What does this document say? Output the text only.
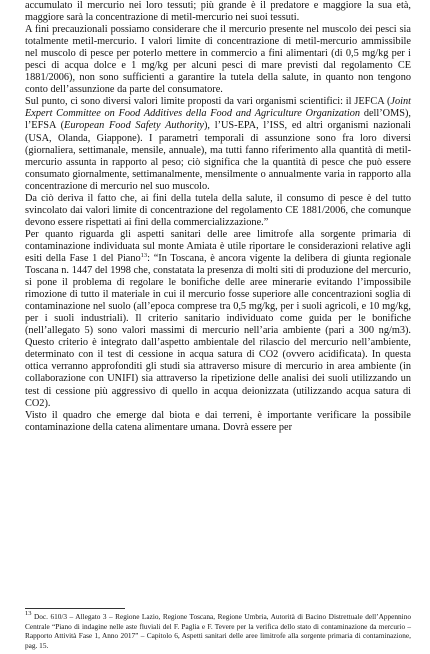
accumulato il mercurio nei loro tessuti; più grande è il predatore e maggiore la sua età, maggiore sarà la concentrazione di metil-mercurio nei suoi tessuti.

A fini precauzionali possiamo considerare che il mercurio presente nel muscolo dei pesci sia totalmente metil-mercurio. I valori limite di concentrazione di metil-mercurio ammissibile nel muscolo di pesce per poterlo mettere in commercio a fini alimentari (di 0,5 mg/kg per i pesci di acqua dolce e 1 mg/kg per alcuni pesci di mare previsti dal regolamento CE 1881/2006), non sono sufficienti a garantire la tutela della salute, in quanto non tengono conto dell’assunzione da parte del consumatore.

Sul punto, ci sono diversi valori limite proposti da vari organismi scientifici: il JEFCA (Joint Expert Committee on Food Additives della Food and Agriculture Organization dell’OMS), l’EFSA (European Food Safety Authority), l’US-EPA, l’ISS, ed altri organismi nazionali (USA, Olanda, Giappone). I parametri temporali di assunzione sono fra loro diversi (giornaliera, settimanale, mensile, annuale), ma tutti fanno riferimento alla quantità di metil-mercurio assunta in rapporto al peso; ciò significa che la quantità di pesce che può essere consumato giornalmente, settimanalmente, mensilmente o annualmente varia in rapporto alla concentrazione di mercurio nel suo muscolo.

Da ciò deriva il fatto che, ai fini della tutela della salute, il consumo di pesce è del tutto svincolato dai valori limite di concentrazione del regolamento CE 1881/2006, che comunque devono essere rispettati ai fini della commercializzazione.”

Per quanto riguarda gli aspetti sanitari delle aree limitrofe alla sorgente primaria di contaminazione individuata sul monte Amiata è utile riportare le considerazioni relative agli esiti della Fase 1 del Piano$^{13}$: “In Toscana, è ancora vigente la delibera di giunta regionale Toscana n. 1447 del 1998 che, constatata la presenza di molti siti di produzione del mercurio, si pone il problema di regolare le bonifiche delle aree minerarie evitando l’impossibile rimozione di tutto il materiale in cui il mercurio fosse superiore alle concentrazioni soglia di contaminazione nel suolo (all’epoca comprese tra 0,5 mg/kg, per i suoli agricoli, e 10 mg/kg, per i suoli industriali). Il criterio sanitario individuato come guida per le bonifiche (nell’allegato 5) sono valori massimi di mercurio nell’aria ambiente (pari a 300 ng/m3). Questo criterio è integrato dall’aspetto ambientale del rilascio del mercurio nell’ambiente, determinato con il test di cessione in acqua satura di CO2 (ovvero acidificata). In questa ottica verranno approfonditi gli studi sia attraverso misure di mercurio in area ambiente (in collaborazione con UNIFI) sia attraverso la ripetizione delle analisi dei suoli utilizzando un test di cessione più aggressivo di quello in acqua deionizzata (utilizzando acqua satura di CO2).

Visto il quadro che emerge dal biota e dai terreni, è importante verificare la possibile contaminazione della catena alimentare umana. Dovrà essere per

13 Doc. 610/3 – Allegato 3 – Regione Lazio, Regione Toscana, Regione Umbria, Autorità di Bacino Distrettuale dell’Appennino Centrale “Piano di indagine nelle aste fluviali del F. Paglia e F. Tevere per la verifica dello stato di contaminazione da mercurio – Rapporto Attività Fase 1, Anno 2017” – Capitolo 6, Aspetti sanitari delle aree limitrofe alla sorgente primaria di contaminazione, pag. 15.
